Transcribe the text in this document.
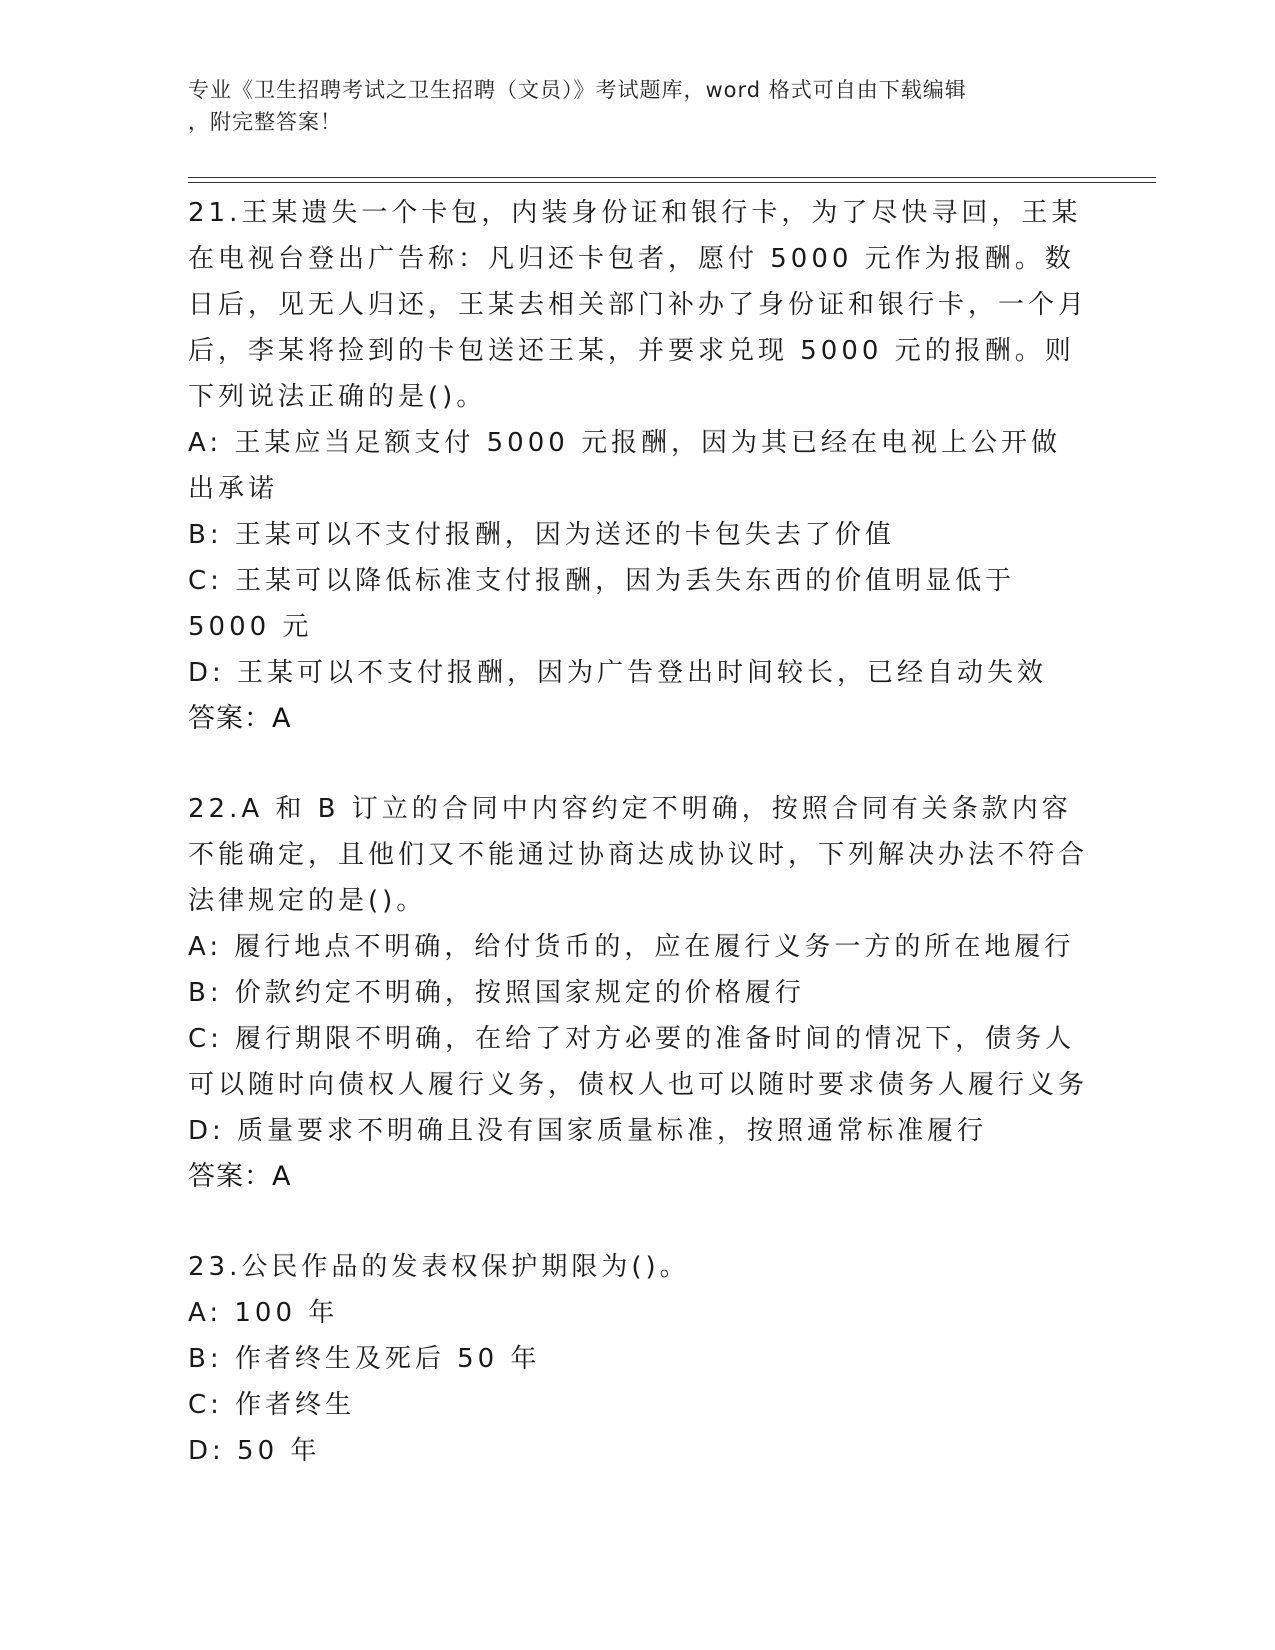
专业《卫生招聘考试之卫生招聘（文员）》考试题库，word 格式可自由下载编辑
，附完整答案！
21.王某遗失一个卡包，内装身份证和银行卡，为了尽快寻回，王某在电视台登出广告称：凡归还卡包者，愿付 5000 元作为报酬。数日后，见无人归还，王某去相关部门补办了身份证和银行卡，一个月后，李某将捡到的卡包送还王某，并要求兑现 5000 元的报酬。则下列说法正确的是()。
A: 王某应当足额支付 5000 元报酬，因为其已经在电视上公开做出承诺
B: 王某可以不支付报酬，因为送还的卡包失去了价值
C: 王某可以降低标准支付报酬，因为丢失东西的价值明显低于 5000 元
D: 王某可以不支付报酬，因为广告登出时间较长，已经自动失效
答案：A
22.A 和 B 订立的合同中内容约定不明确，按照合同有关条款内容不能确定，且他们又不能通过协商达成协议时，下列解决办法不符合法律规定的是()。
A: 履行地点不明确，给付货币的，应在履行义务一方的所在地履行
B: 价款约定不明确，按照国家规定的价格履行
C: 履行期限不明确，在给了对方必要的准备时间的情况下，债务人可以随时向债权人履行义务，债权人也可以随时要求债务人履行义务
D: 质量要求不明确且没有国家质量标准，按照通常标准履行
答案：A
23.公民作品的发表权保护期限为()。
A: 100 年
B: 作者终生及死后 50 年
C: 作者终生
D: 50 年
